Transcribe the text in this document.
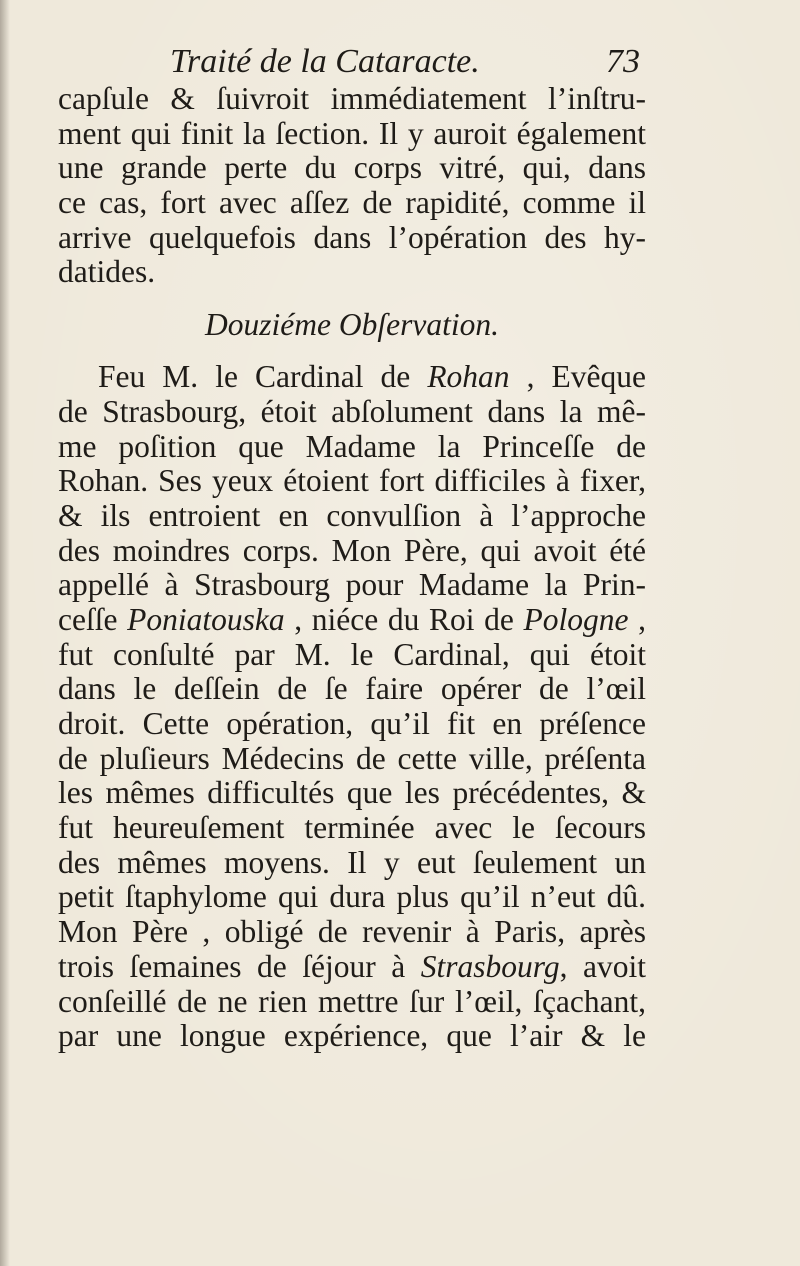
Traité de la Cataracte.	73
capſule & ſuivroit immédiatement l’inſtru-
ment qui finit la ſection. Il y auroit également
une grande perte du corps vitré, qui, dans
ce cas, fort avec aſſez de rapidité, comme il
arrive quelquefois dans l’opération des hy-
datides.
Douziéme Obſervation.
Feu M. le Cardinal de Rohan , Evêque
de Strasbourg, étoit abſolument dans la mê-
me poſition que Madame la Princeſſe de
Rohan. Ses yeux étoient fort difficiles à fixer,
& ils entroient en convulſion à l’approche
des moindres corps. Mon Père, qui avoit été
appellé à Strasbourg pour Madame la Prin-
ceſſe Poniatouska , niéce du Roi de Pologne ,
fut conſulté par M. le Cardinal, qui étoit
dans le deſſein de ſe faire opérer de l’œil
droit. Cette opération, qu’il fit en préſence
de pluſieurs Médecins de cette ville, préſenta
les mêmes difficultés que les précédentes, &
fut heureuſement terminée avec le ſecours
des mêmes moyens. Il y eut ſeulement un
petit ſtaphylome qui dura plus qu’il n’eut dû.
Mon Père , obligé de revenir à Paris, après
trois ſemaines de ſéjour à Strasbourg, avoit
conſeillé de ne rien mettre ſur l’œil, ſçachant,
par une longue expérience, que l’air & le
